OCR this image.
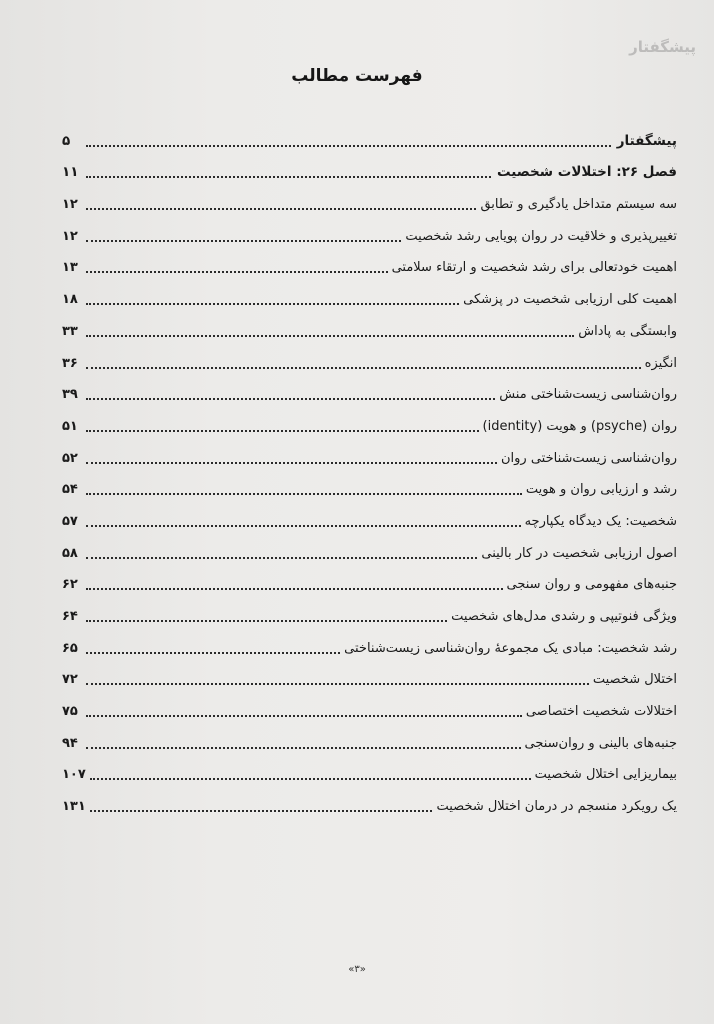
پیشگفتار
فهرست مطالب
پیشگفتار
۵
فصل ۲۶: اختلالات شخصیت
۱۱
سه سیستم متداخل یادگیری و تطابق
۱۲
تغییرپذیری و خلاقیت در روان پویایی رشد شخصیت
۱۲
اهمیت خودتعالی برای رشد شخصیت و ارتقاء سلامتی
۱۳
اهمیت کلی ارزیابی شخصیت در پزشکی
۱۸
وابستگی به پاداش
۳۳
انگیزه
۳۶
روان‌شناسی زیست‌شناختی منش
۳۹
روان (psyche) و هویت (identity)
۵۱
روان‌شناسی زیست‌شناختی روان
۵۲
رشد و ارزیابی روان و هویت
۵۴
شخصیت: یک دیدگاه یکپارچه
۵۷
اصول ارزیابی شخصیت در کار بالینی
۵۸
جنبه‌های مفهومی و روان سنجی
۶۲
ویژگی فنوتیپی و رشدی مدل‌های شخصیت
۶۴
رشد شخصیت: مبادی یک مجموعهٔ روان‌شناسی زیست‌شناختی
۶۵
اختلال شخصیت
۷۲
اختلالات شخصیت اختصاصی
۷۵
جنبه‌های بالینی و روان‌سنجی
۹۴
بیماریزایی اختلال شخصیت
۱۰۷
یک رویکرد منسجم در درمان اختلال شخصیت
۱۳۱
«۳»
